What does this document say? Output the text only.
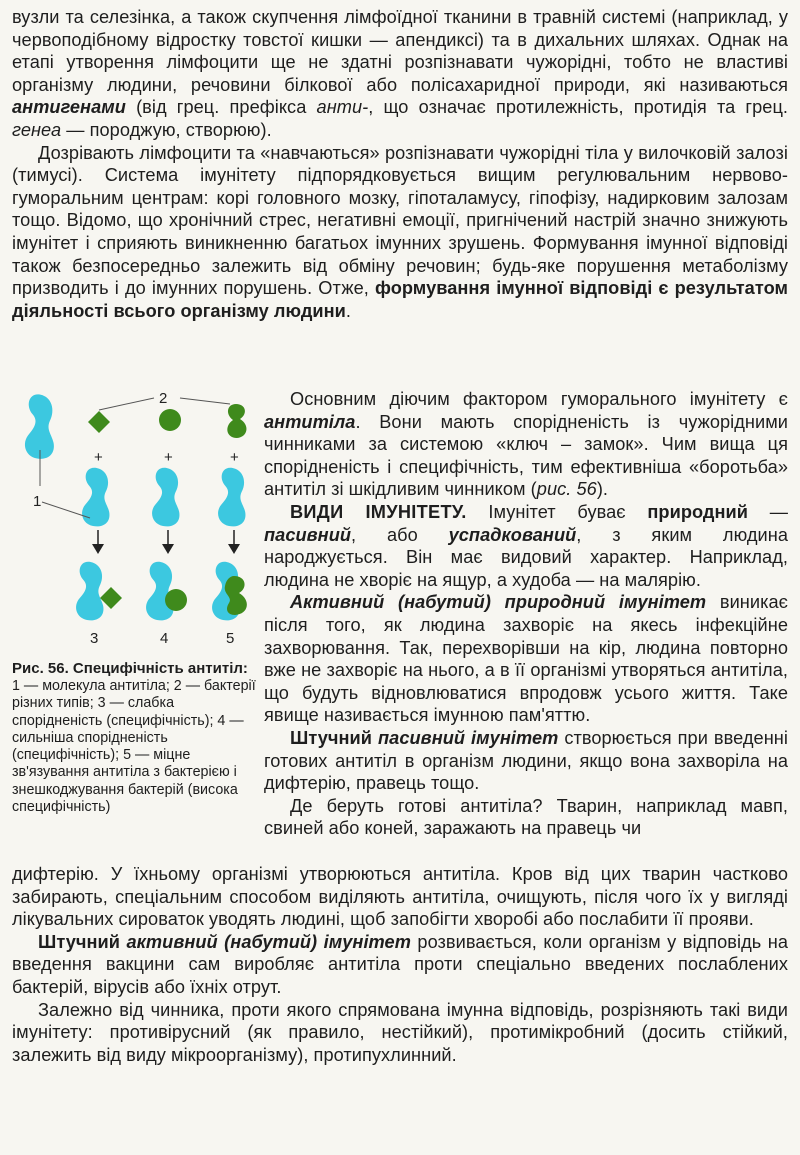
вузли та селезінка, а також скупчення лімфоїдної тканини в травній системі (наприклад, у червоподібному відростку товстої кишки — апендиксі) та в дихальних шляхах. Однак на етапі утворення лімфоцити ще не здатні розпізнавати чужорідні, тобто не властиві організму людини, речовини білкової або полісахаридної природи, які називаються антигенами (від грец. префікса анти-, що означає протилежність, протидія та грец. генеа — породжую, створюю).

Дозрівають лімфоцити та «навчаються» розпізнавати чужорідні тіла у вилочковій залозі (тимусі). Система імунітету підпорядковується вищим регулювальним нервово-гуморальним центрам: корі головного мозку, гіпоталамусу, гіпофізу, надирковим залозам тощо. Відомо, що хронічний стрес, негативні емоції, пригнічений настрій значно знижують імунітет і сприяють виникненню багатьох імунних зрушень. Формування імунної відповіді також безпосередньо залежить від обміну речовин; будь-яке порушення метаболізму призводить і до імунних порушень. Отже, формування імунної відповіді є результатом діяльності всього організму людини.

2
+	+	+
1
3	4	5
Рис. 56. Специфічність антитіл:
1 — молекула антитіла; 2 — бактерії різних типів; 3 — слабка спорідненість (специфічність); 4 — сильніша спорідненість (специфічність); 5 — міцне зв'язування антитіла з бактерією і знешкоджування бактерій (висока специфічність)

Основним діючим фактором гуморального імунітету є антитіла. Вони мають спорідненість із чужорідними чинниками за системою «ключ – замок». Чим вища ця спорідненість і специфічність, тим ефективніша «боротьба» антитіл зі шкідливим чинником (рис. 56).

ВИДИ ІМУНІТЕТУ. Імунітет буває природний — пасивний, або успадкований, з яким людина народжується. Він має видовий характер. Наприклад, людина не хворіє на ящур, а худоба — на малярію.

Активний (набутий) природний імунітет виникає після того, як людина захворіє на якесь інфекційне захворювання. Так, перехворівши на кір, людина повторно вже не захворіє на нього, а в її організмі утворяться антитіла, що будуть відновлюватися впродовж усього життя. Таке явище називається імунною пам'яттю.

Штучний пасивний імунітет створюється при введенні готових антитіл в організм людини, якщо вона захворіла на дифтерію, правець тощо.

Де беруть готові антитіла? Тварин, наприклад мавп, свиней або коней, заражають на правець чи

дифтерію. У їхньому організмі утворюються антитіла. Кров від цих тварин частково забирають, спеціальним способом виділяють антитіла, очищують, після чого їх у вигляді лікувальних сироваток уводять людині, щоб запобігти хворобі або послабити її прояви.

Штучний активний (набутий) імунітет розвивається, коли організм у відповідь на введення вакцини сам виробляє антитіла проти спеціально введених послаблених бактерій, вірусів або їхніх отрут.

Залежно від чинника, проти якого спрямована імунна відповідь, розрізняють такі види імунітету: противірусний (як правило, нестійкий), протимікробний (досить стійкий, залежить від виду мікроорганізму), протипухлинний.
